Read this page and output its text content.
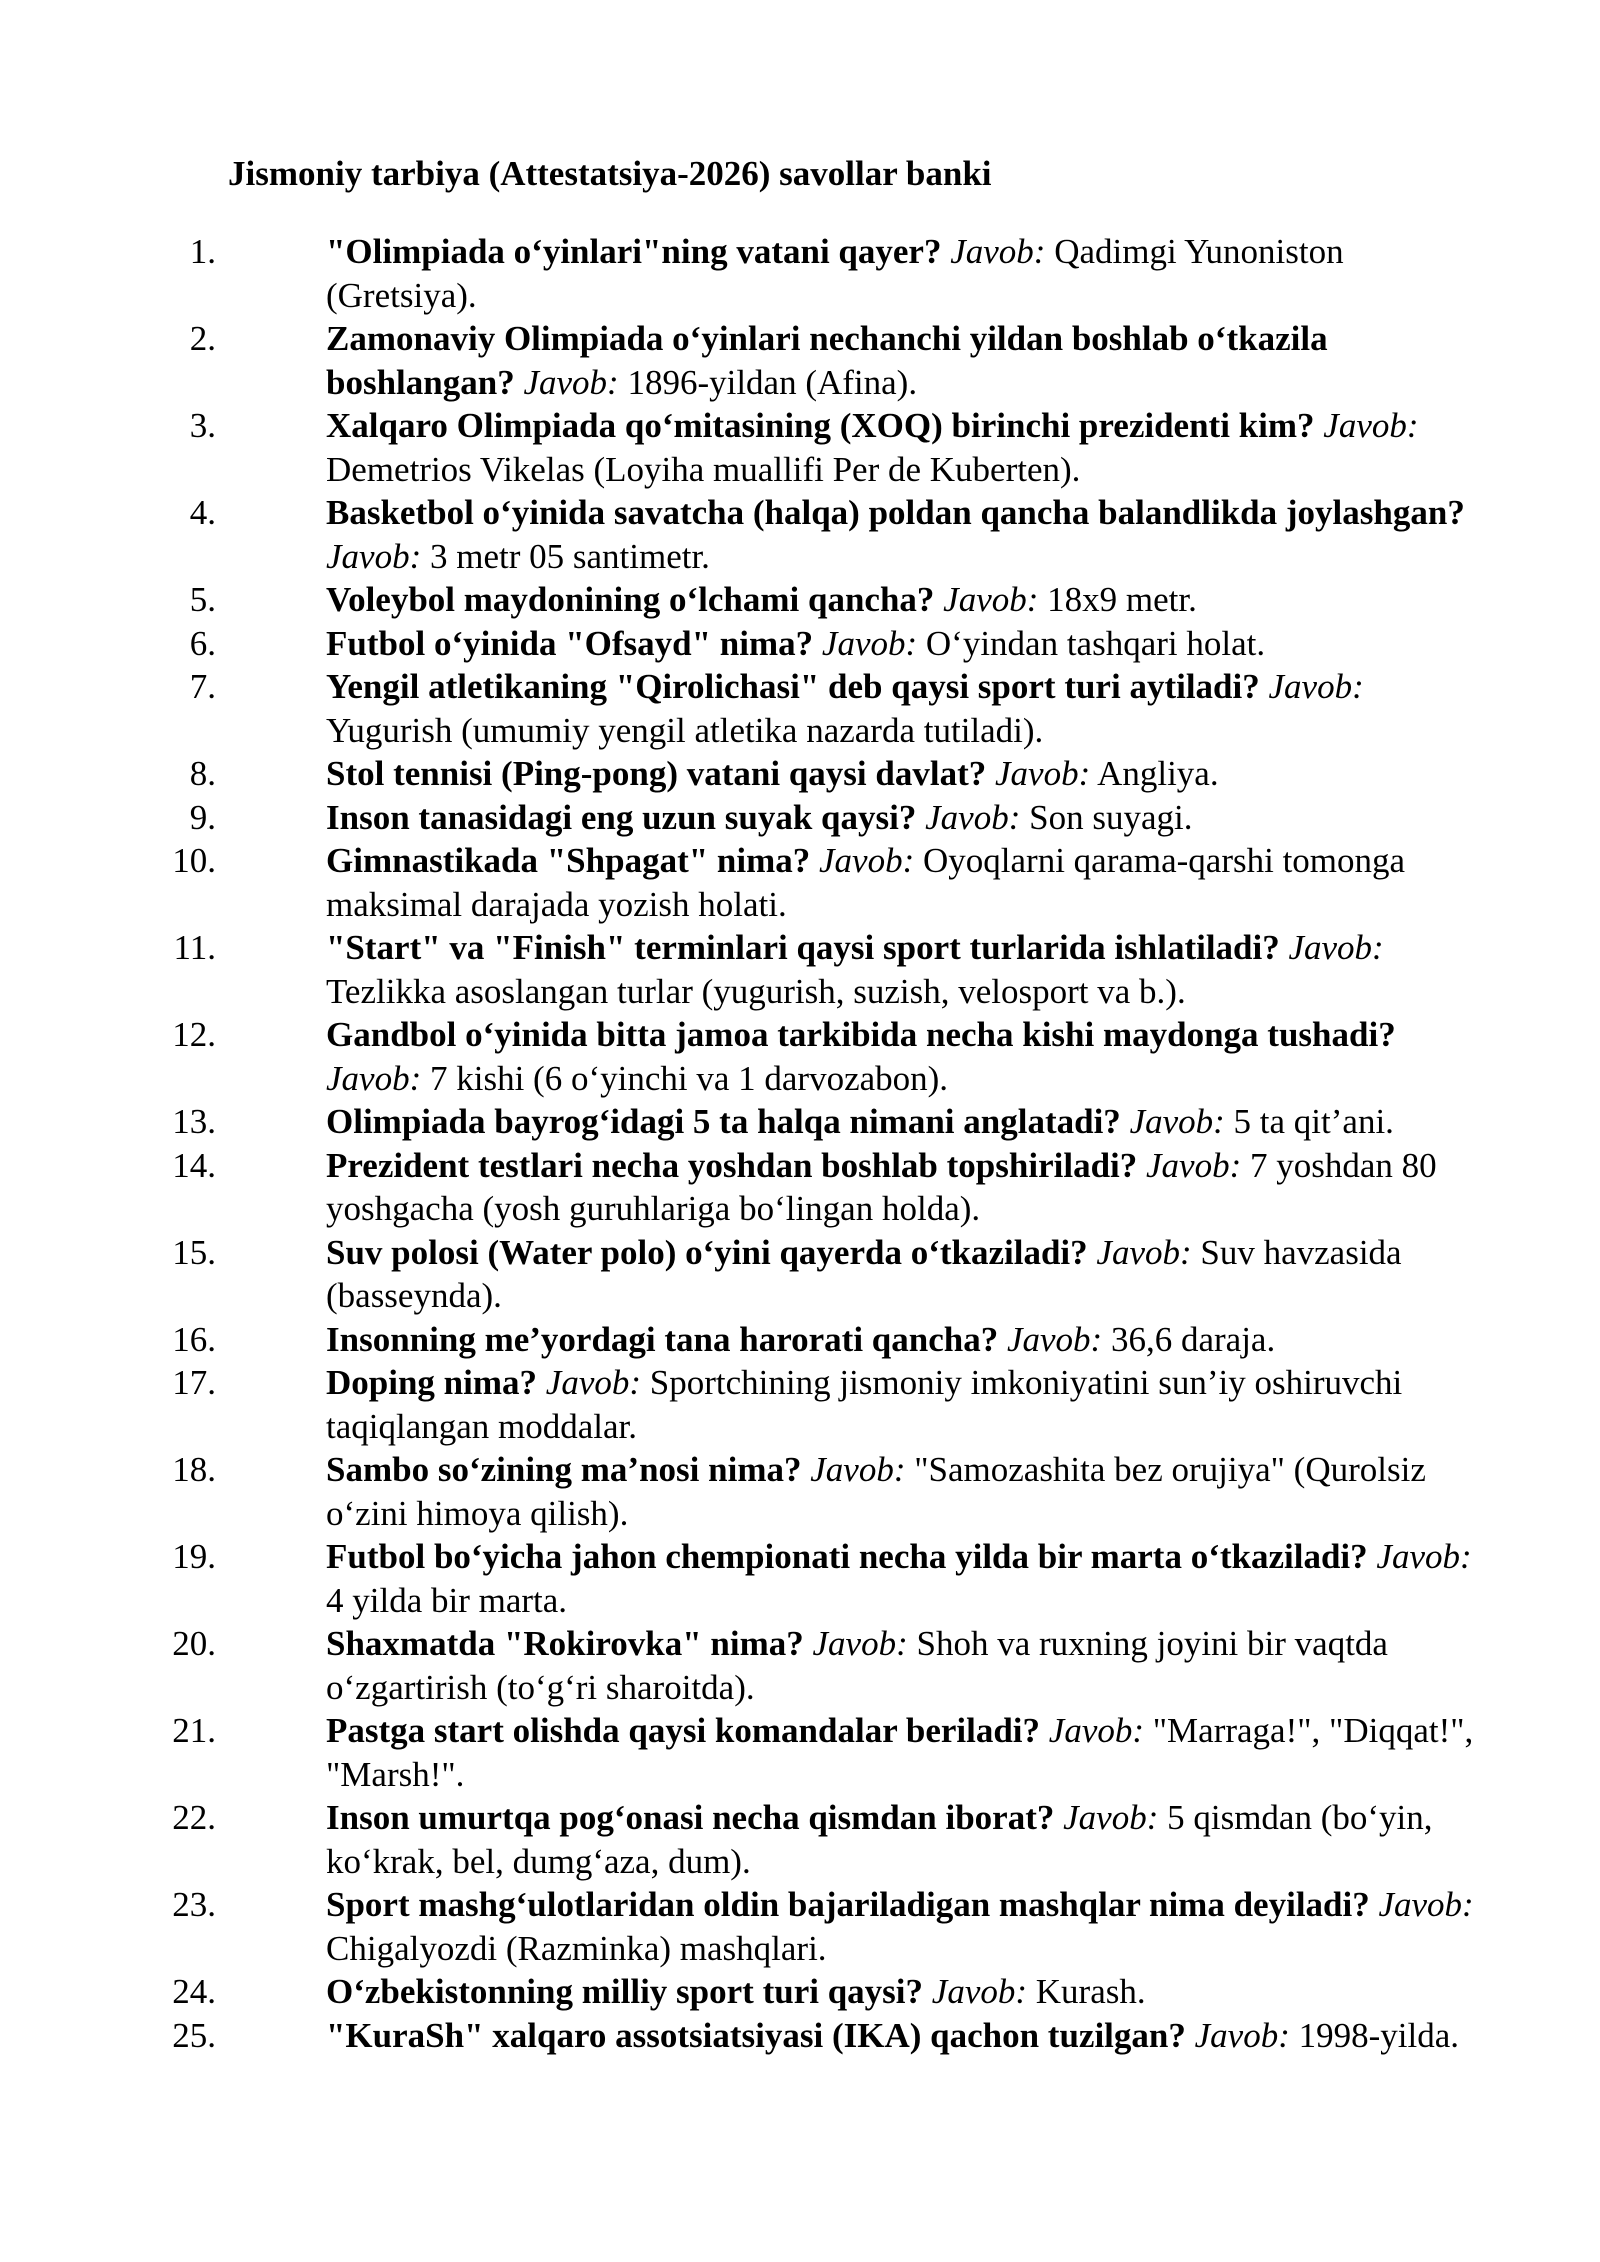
Jismoniy tarbiya (Attestatsiya-2026) savollar banki
1.	"Olimpiada o‘yinlari"ning vatani qayer? Javob: Qadimgi Yunoniston (Gretsiya).
2.	Zamonaviy Olimpiada o‘yinlari nechanchi yildan boshlab o‘tkazila boshlangan? Javob: 1896-yildan (Afina).
3.	Xalqaro Olimpiada qo‘mitasining (XOQ) birinchi prezidenti kim? Javob: Demetrios Vikelas (Loyiha muallifi Per de Kuberten).
4.	Basketbol o‘yinida savatcha (halqa) poldan qancha balandlikda joylashgan? Javob: 3 metr 05 santimetr.
5.	Voleybol maydonining o‘lchami qancha? Javob: 18x9 metr.
6.	Futbol o‘yinida "Ofsayd" nima? Javob: O‘yindan tashqari holat.
7.	Yengil atletikaning "Qirolichasi" deb qaysi sport turi aytiladi? Javob: Yugurish (umumiy yengil atletika nazarda tutiladi).
8.	Stol tennisi (Ping-pong) vatani qaysi davlat? Javob: Angliya.
9.	Inson tanasidagi eng uzun suyak qaysi? Javob: Son suyagi.
10.	Gimnastikada "Shpagat" nima? Javob: Oyoqlarni qarama-qarshi tomonga maksimal darajada yozish holati.
11.	"Start" va "Finish" terminlari qaysi sport turlarida ishlatiladi? Javob: Tezlikka asoslangan turlar (yugurish, suzish, velosport va b.).
12.	Gandbol o‘yinida bitta jamoa tarkibida necha kishi maydonga tushadi? Javob: 7 kishi (6 o‘yinchi va 1 darvozabon).
13.	Olimpiada bayrog‘idagi 5 ta halqa nimani anglatadi? Javob: 5 ta qit’ani.
14.	Prezident testlari necha yoshdan boshlab topshiriladi? Javob: 7 yoshdan 80 yoshgacha (yosh guruhlariga bo‘lingan holda).
15.	Suv polosi (Water polo) o‘yini qayerda o‘tkaziladi? Javob: Suv havzasida (basseynda).
16.	Insonning me’yordagi tana harorati qancha? Javob: 36,6 daraja.
17.	Doping nima? Javob: Sportchining jismoniy imkoniyatini sun’iy oshiruvchi taqiqlangan moddalar.
18.	Sambo so‘zining ma’nosi nima? Javob: "Samozashita bez orujiya" (Qurolsiz o‘zini himoya qilish).
19.	Futbol bo‘yicha jahon chempionati necha yilda bir marta o‘tkaziladi? Javob: 4 yilda bir marta.
20.	Shaxmatda "Rokirovka" nima? Javob: Shoh va ruxning joyini bir vaqtda o‘zgartirish (to‘g‘ri sharoitda).
21.	Pastga start olishda qaysi komandalar beriladi? Javob: "Marraga!", "Diqqat!", "Marsh!".
22.	Inson umurtqa pog‘onasi necha qismdan iborat? Javob: 5 qismdan (bo‘yin, ko‘krak, bel, dumg‘aza, dum).
23.	Sport mashg‘ulotlaridan oldin bajariladigan mashqlar nima deyiladi? Javob: Chigalyozdi (Razminka) mashqlari.
24.	O‘zbekistonning milliy sport turi qaysi? Javob: Kurash.
25.	"KuraSh" xalqaro assotsiatsiyasi (IKA) qachon tuzilgan? Javob: 1998-yilda.
